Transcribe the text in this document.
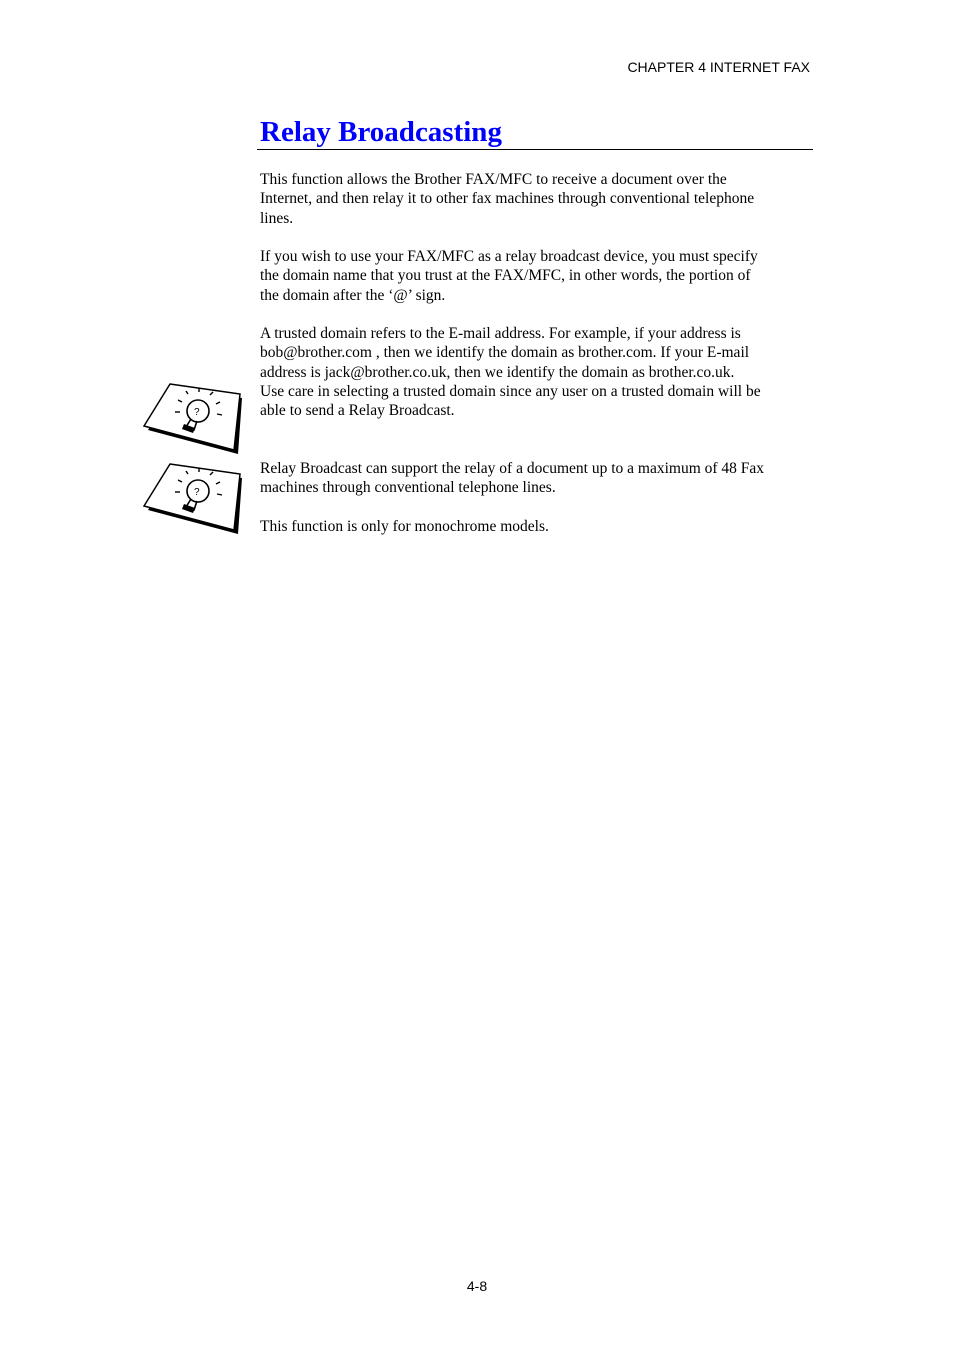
CHAPTER 4 INTERNET FAX
Relay Broadcasting

This function allows the Brother FAX/MFC to receive a document over the
Internet, and then relay it to other fax machines through conventional telephone
lines.

If you wish to use your FAX/MFC as a relay broadcast device, you must specify
the domain name that you trust at the FAX/MFC, in other words, the portion of
the domain after the ‘@’ sign.

A trusted domain refers to the E-mail address. For example, if your address is
bob@brother.com , then we identify the domain as brother.com. If your E-mail
address is jack@brother.co.uk, then we identify the domain as brother.co.uk.

Use care in selecting a trusted domain since any user on a trusted domain will be
able to send a Relay Broadcast.

Relay Broadcast can support the relay of a document up to a maximum of 48 Fax
machines through conventional telephone lines.

This function is only for monochrome models.

?
?
4-8
